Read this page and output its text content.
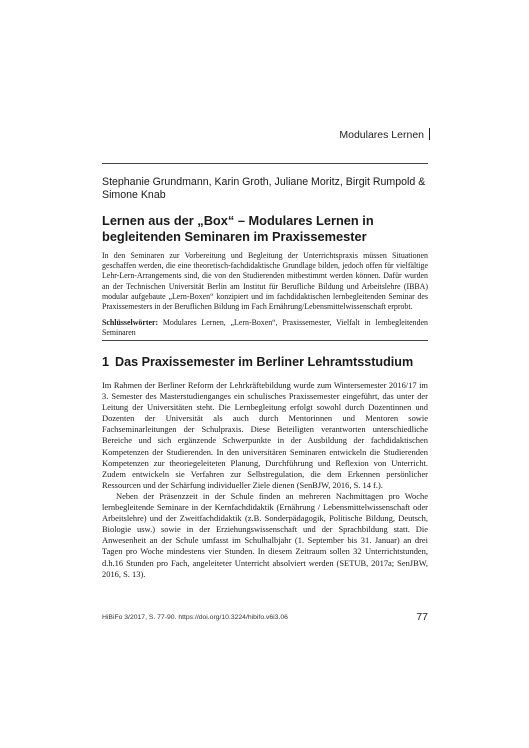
Modulares Lernen
Stephanie Grundmann, Karin Groth, Juliane Moritz, Birgit Rumpold & Simone Knab
Lernen aus der „Box“ – Modulares Lernen in begleitenden Seminaren im Praxissemester

In den Seminaren zur Vorbereitung und Begleitung der Unterrichtspraxis müssen Situationen geschaffen werden, die eine theoretisch-fachdidaktische Grundlage bilden, jedoch offen für vielfältige Lehr-Lern-Arrangements sind, die von den Studierenden mitbestimmt werden können. Dafür wurden an der Technischen Universität Berlin am Institut für Berufliche Bildung und Arbeitslehre (IBBA) modular aufgebaute „Lern-Boxen“ konzipiert und im fachdidaktischen lernbegleitenden Seminar des Praxissemesters in der Beruflichen Bildung im Fach Ernährung/Lebensmittelwissenschaft erprobt.

Schlüsselwörter: Modulares Lernen, „Lern-Boxen“, Praxissemester, Vielfalt in lernbegleitenden Seminaren

1 Das Praxissemester im Berliner Lehramtsstudium

Im Rahmen der Berliner Reform der Lehrkräftebildung wurde zum Wintersemester 2016/17 im 3. Semester des Masterstudienganges ein schulisches Praxissemester eingeführt, das unter der Leitung der Universitäten steht. Die Lernbegleitung erfolgt sowohl durch Dozentinnen und Dozenten der Universität als auch durch Mentorinnen und Mentoren sowie Fachseminarleitungen der Schulpraxis. Diese Beteiligten verantworten unterschiedliche Bereiche und sich ergänzende Schwerpunkte in der Ausbildung der fachdidaktischen Kompetenzen der Studierenden. In den universitären Seminaren entwickeln die Studierenden Kompetenzen zur theoriegeleiteten Planung, Durchführung und Reflexion von Unterricht. Zudem entwickeln sie Verfahren zur Selbstregulation, die dem Erkennen persönlicher Ressourcen und der Schärfung individueller Ziele dienen (SenBJW, 2016, S. 14 f.).

Neben der Präsenzzeit in der Schule finden an mehreren Nachmittagen pro Woche lernbegleitende Seminare in der Kernfachdidaktik (Ernährung / Lebensmittelwissenschaft oder Arbeitslehre) und der Zweitfachdidaktik (z.B. Sonderpädagogik, Politische Bildung, Deutsch, Biologie usw.) sowie in der Erziehungswissenschaft und der Sprachbildung statt. Die Anwesenheit an der Schule umfasst im Schulhalbjahr (1. September bis 31. Januar) an drei Tagen pro Woche mindestens vier Stunden. In diesem Zeitraum sollen 32 Unterrichtstunden, d.h.16 Stunden pro Fach, angeleiteter Unterricht absolviert werden (SETUB, 2017a; SenJBW, 2016, S. 13).

HiBiFo 3/2017, S. 77-90. https://doi.org/10.3224/hibifo.v6i3.06	77
